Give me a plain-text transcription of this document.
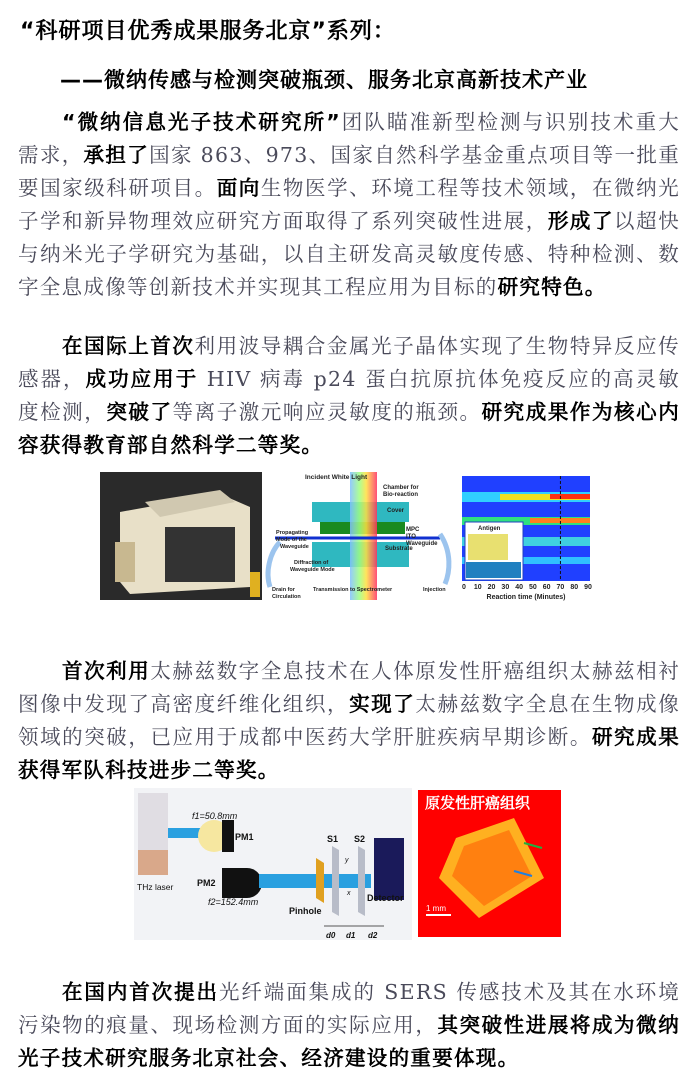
“科研项目优秀成果服务北京”系列：
——微纳传感与检测突破瓶颈、服务北京高新技术产业
“微纳信息光子技术研究所”团队瞄准新型检测与识别技术重大需求，承担了国家 863、973、国家自然科学基金重点项目等一批重要国家级科研项目。面向生物医学、环境工程等技术领域，在微纳光子学和新异物理效应研究方面取得了系列突破性进展，形成了以超快与纳米光子学研究为基础，以自主研发高灵敏度传感、特种检测、数字全息成像等创新技术并实现其工程应用为目标的研究特色。
在国际上首次利用波导耦合金属光子晶体实现了生物特异反应传感器，成功应用于 HIV 病毒 p24 蛋白抗原抗体免疫反应的高灵敏度检测，突破了等离子激元响应灵敏度的瓶颈。研究成果作为核心内容获得教育部自然科学二等奖。
首次利用太赫兹数字全息技术在人体原发性肝癌组织太赫兹相衬图像中发现了高密度纤维化组织，实现了太赫兹数字全息在生物成像领域的突破，已应用于成都中医药大学肝脏疾病早期诊断。研究成果获得军队科技进步二等奖。
在国内首次提出光纤端面集成的 SERS 传感技术及其在水环境污染物的痕量、现场检测方面的实际应用，其突破性进展将成为微纳光子技术研究服务北京社会、经济建设的重要体现。
Incident White Light
Chamber for
Bio-reaction
Cover
MPC
ITO
Waveguide
Substrate
Propagating
Mode of the
Waveguide
Diffraction of
Waveguide Mode
Transmission to Spectrometer
Drain for
Circulation
Injection
Antigen
0 10 20 30 40 50 60 70 80 90
Reaction time (Minutes)
f1=50.8mm
PM1
PM2
f2=152.4mm
THz laser
Pinhole
S1 S2
y
x Detector
d0 d1 d2
原发性肝癌组织
1 mm
